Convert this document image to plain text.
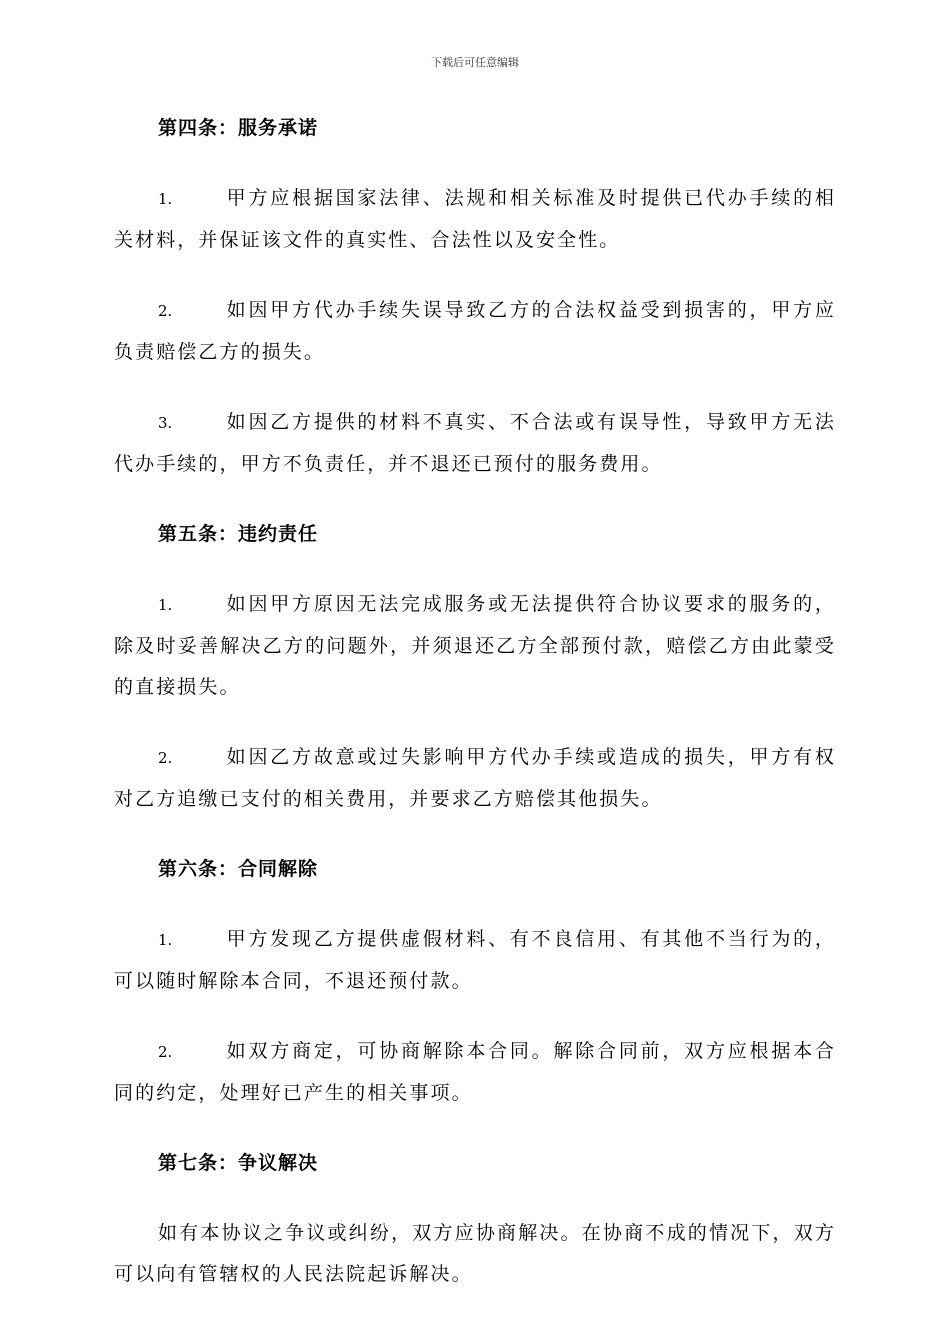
下载后可任意编辑
第四条：服务承诺

1.	甲方应根据国家法律、法规和相关标准及时提供已代办手续的相关材料，并保证该文件的真实性、合法性以及安全性。

2.	如因甲方代办手续失误导致乙方的合法权益受到损害的，甲方应负责赔偿乙方的损失。

3.	如因乙方提供的材料不真实、不合法或有误导性，导致甲方无法代办手续的，甲方不负责任，并不退还已预付的服务费用。

第五条：违约责任

1.	如因甲方原因无法完成服务或无法提供符合协议要求的服务的，除及时妥善解决乙方的问题外，并须退还乙方全部预付款，赔偿乙方由此蒙受的直接损失。

2.	如因乙方故意或过失影响甲方代办手续或造成的损失，甲方有权对乙方追缴已支付的相关费用，并要求乙方赔偿其他损失。

第六条：合同解除

1.	甲方发现乙方提供虚假材料、有不良信用、有其他不当行为的，可以随时解除本合同，不退还预付款。

2.	如双方商定，可协商解除本合同。解除合同前，双方应根据本合同的约定，处理好已产生的相关事项。

第七条：争议解决

如有本协议之争议或纠纷，双方应协商解决。在协商不成的情况下，双方可以向有管辖权的人民法院起诉解决。
